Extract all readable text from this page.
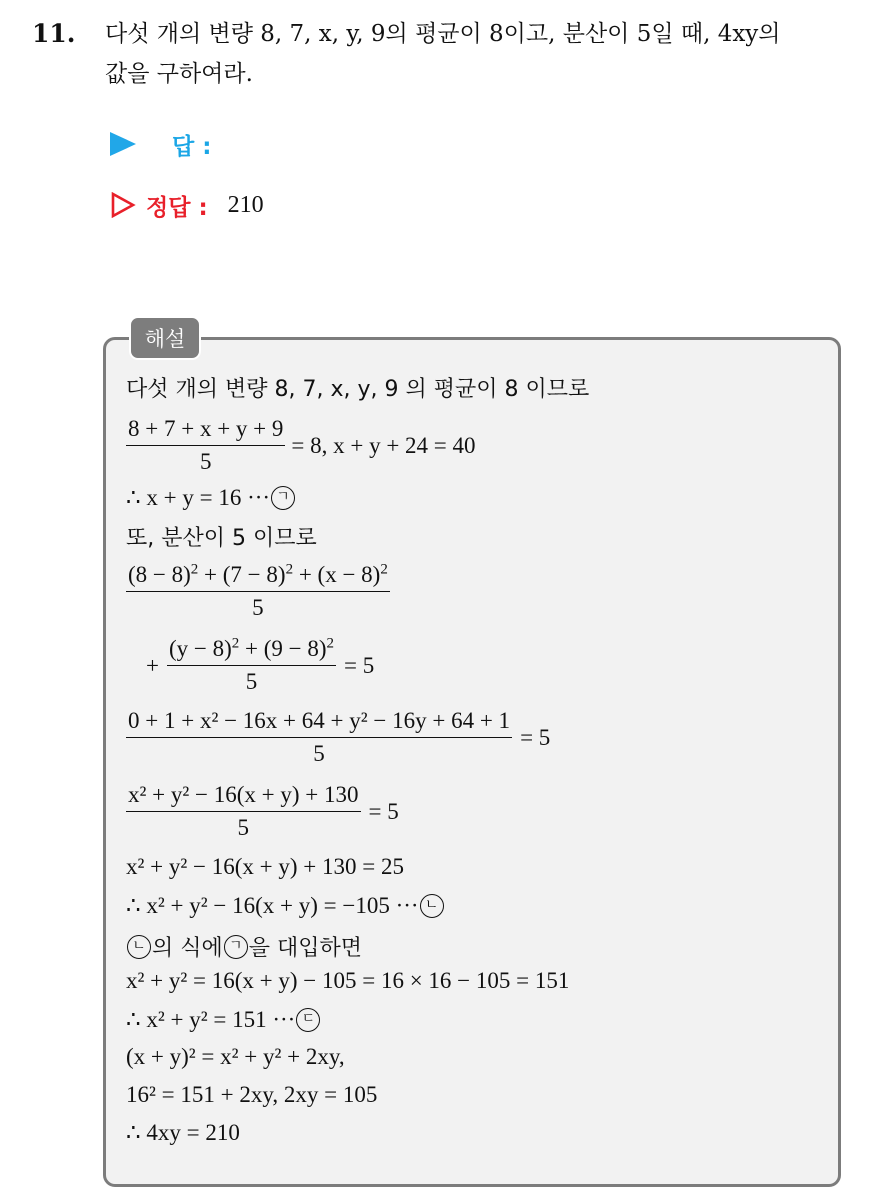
11. 다섯 개의 변량 8, 7, x, y, 9의 평균이 8이고, 분산이 5일 때, 4xy의
값을 구하여라.
답 :
정답 : 210
해설
다섯 개의 변량 8, 7, x, y, 9 의 평균이 8 이므로
$\frac{8 + 7 + x + y + 9}{5} = 8$, x + y + 24 = 40
∴ x + y = 16 ··· ㄱ
또, 분산이 5 이므로
$\frac{(8 - 8)^2 + (7 - 8)^2 + (x - 8)^2}{5}$
+ $\frac{(y - 8)^2 + (9 - 8)^2}{5} = 5$
$\frac{\text{0 + 1 + x² − 16x + 64 + y² − 16y + 64 + 1}}{5} = 5$
$\frac{\text{x² + y² − 16(x + y) + 130}}{5} = 5$
x² + y² − 16(x + y) + 130 = 25
∴ x² + y² − 16(x + y) = −105 ··· ㄴ
ㄴ 의 식에 ㄱ 을 대입하면
x² + y² = 16(x + y) − 105 = 16 × 16 − 105 = 151
∴ x² + y² = 151 ··· ㄷ
(x + y)² = x² + y² + 2xy,
16² = 151 + 2xy, 2xy = 105
∴ 4xy = 210
